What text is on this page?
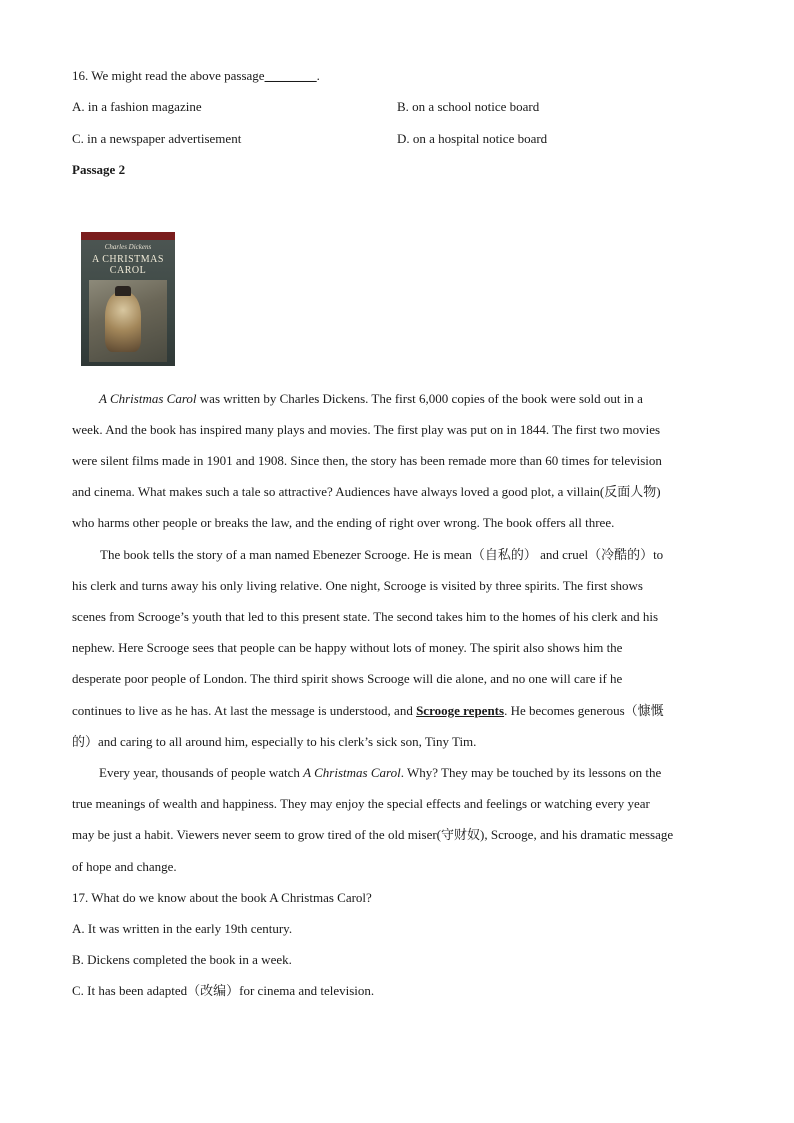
16. We might read the above passage________.
A. in a fashion magazine	B. on a school notice board
C. in a newspaper advertisement	D. on a hospital notice board
Passage 2
Charles Dickens
A CHRISTMAS
CAROL
A Christmas Carol was written by Charles Dickens. The first 6,000 copies of the book were sold out in a
week. And the book has inspired many plays and movies. The first play was put on in 1844. The first two movies
were silent films made in 1901 and 1908. Since then, the story has been remade more than 60 times for television
and cinema. What makes such a tale so attractive? Audiences have always loved a good plot, a villain(反面人物)
who harms other people or breaks the law, and the ending of right over wrong. The book offers all three.
The book tells the story of a man named Ebenezer Scrooge. He is mean（自私的） and cruel（冷酷的）to
his clerk and turns away his only living relative. One night, Scrooge is visited by three spirits. The first shows
scenes from Scrooge’s youth that led to this present state. The second takes him to the homes of his clerk and his
nephew. Here Scrooge sees that people can be happy without lots of money. The spirit also shows him the
desperate poor people of London. The third spirit shows Scrooge will die alone, and no one will care if he
continues to live as he has. At last the message is understood, and Scrooge repents. He becomes generous（慷慨
的）and caring to all around him, especially to his clerk’s sick son, Tiny Tim.
Every year, thousands of people watch A Christmas Carol. Why? They may be touched by its lessons on the
true meanings of wealth and happiness. They may enjoy the special effects and feelings or watching every year
may be just a habit. Viewers never seem to grow tired of the old miser(守财奴), Scrooge, and his dramatic message
of hope and change.
17. What do we know about the book A Christmas Carol?
A. It was written in the early 19th century.
B. Dickens completed the book in a week.
C. It has been adapted（改编）for cinema and television.
